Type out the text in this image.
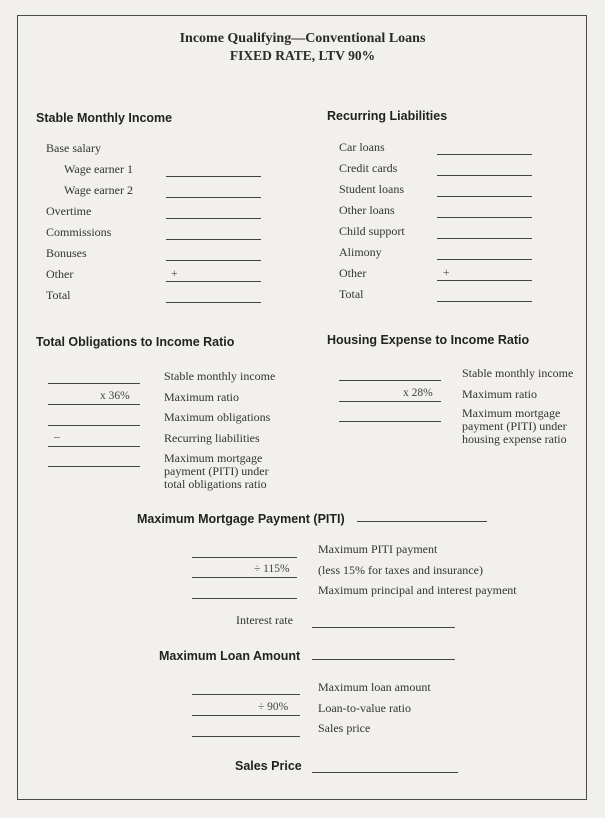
Income Qualifying—Conventional Loans
FIXED RATE, LTV 90%
Stable Monthly Income
Base salary
Wage earner 1
Wage earner 2
Overtime
Commissions
Bonuses
Other	+
Total
Recurring Liabilities
Car loans
Credit cards
Student loans
Other loans
Child support
Alimony
Other	+
Total
Total Obligations to Income Ratio
Stable monthly income
x 36%	Maximum ratio
Maximum obligations
–	Recurring liabilities
Maximum mortgage payment (PITI) under total obligations ratio
Housing Expense to Income Ratio
Stable monthly income
x 28% Maximum ratio
Maximum mortgage payment (PITI) under housing expense ratio
Maximum Mortgage Payment (PITI)
Maximum PITI payment
÷ 115% (less 15% for taxes and insurance)
Maximum principal and interest payment
Interest rate
Maximum Loan Amount
Maximum loan amount
÷ 90% Loan-to-value ratio
Sales price
Sales Price
